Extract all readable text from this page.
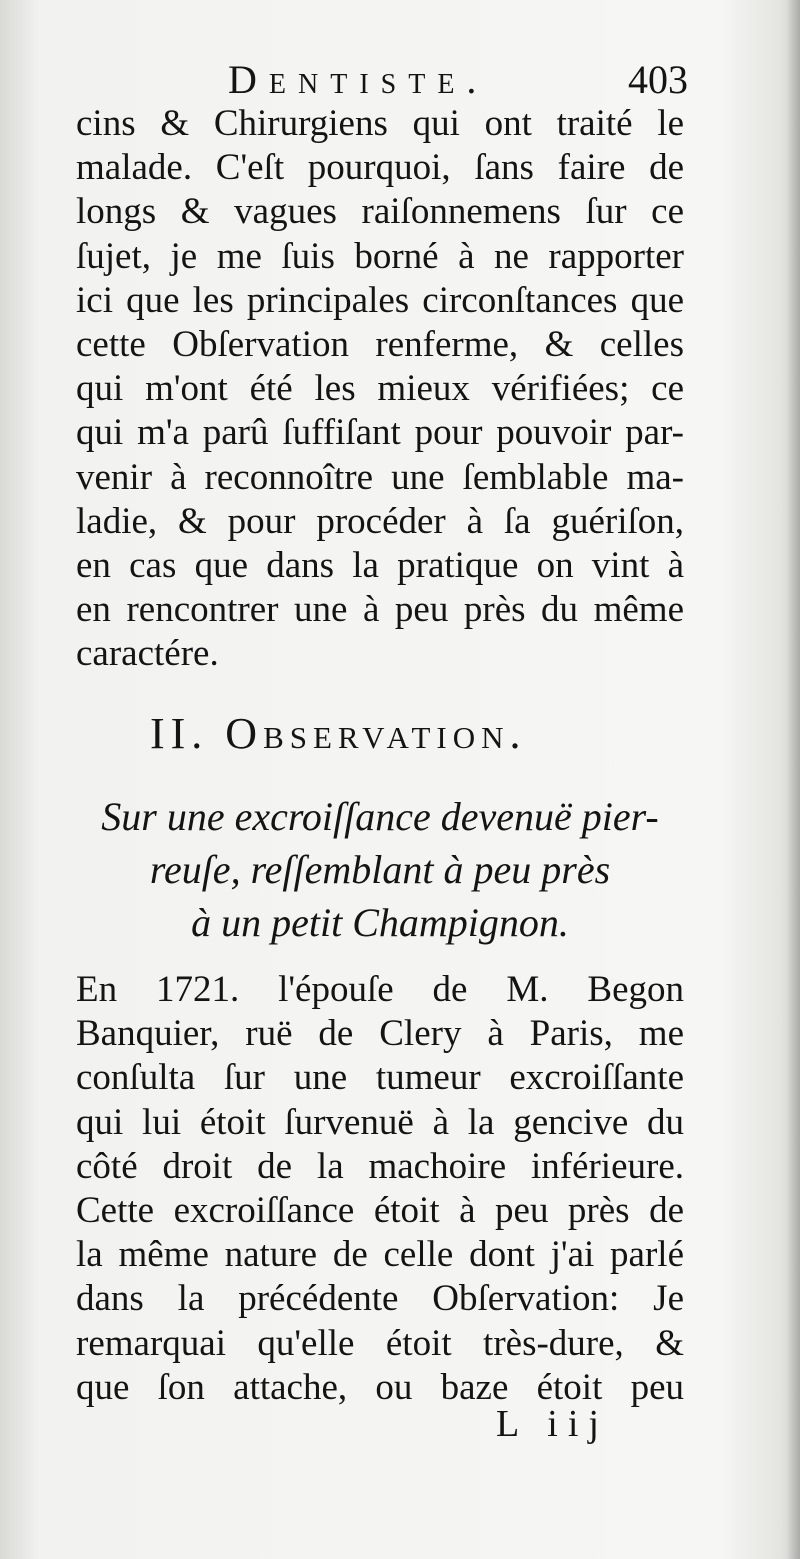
Dentiste.	403
cins & Chirurgiens qui ont traité le
malade. C'eſt pourquoi, ſans faire de
longs & vagues raiſonnemens ſur ce
ſujet, je me ſuis borné à ne rapporter
ici que les principales circonſtances que
cette Obſervation renferme, & celles
qui m'ont été les mieux vérifiées; ce
qui m'a parû ſuffiſant pour pouvoir par-
venir à reconnoître une ſemblable ma-
ladie, & pour procéder à ſa guériſon,
en cas que dans la pratique on vint à
en rencontrer une à peu près du même
caractére.
II. Observation.
Sur une excroiſſance devenuë pier-
reuſe, reſſemblant à peu près
à un petit Champignon.
En 1721. l'épouſe de M. Begon
Banquier, ruë de Clery à Paris, me
conſulta ſur une tumeur excroiſſante
qui lui étoit ſurvenuë à la gencive du
côté droit de la machoire inférieure.
Cette excroiſſance étoit à peu près de
la même nature de celle dont j'ai parlé
dans la précédente Obſervation: Je
remarquai qu'elle étoit très-dure, &
que ſon attache, ou baze étoit peu
L iij
